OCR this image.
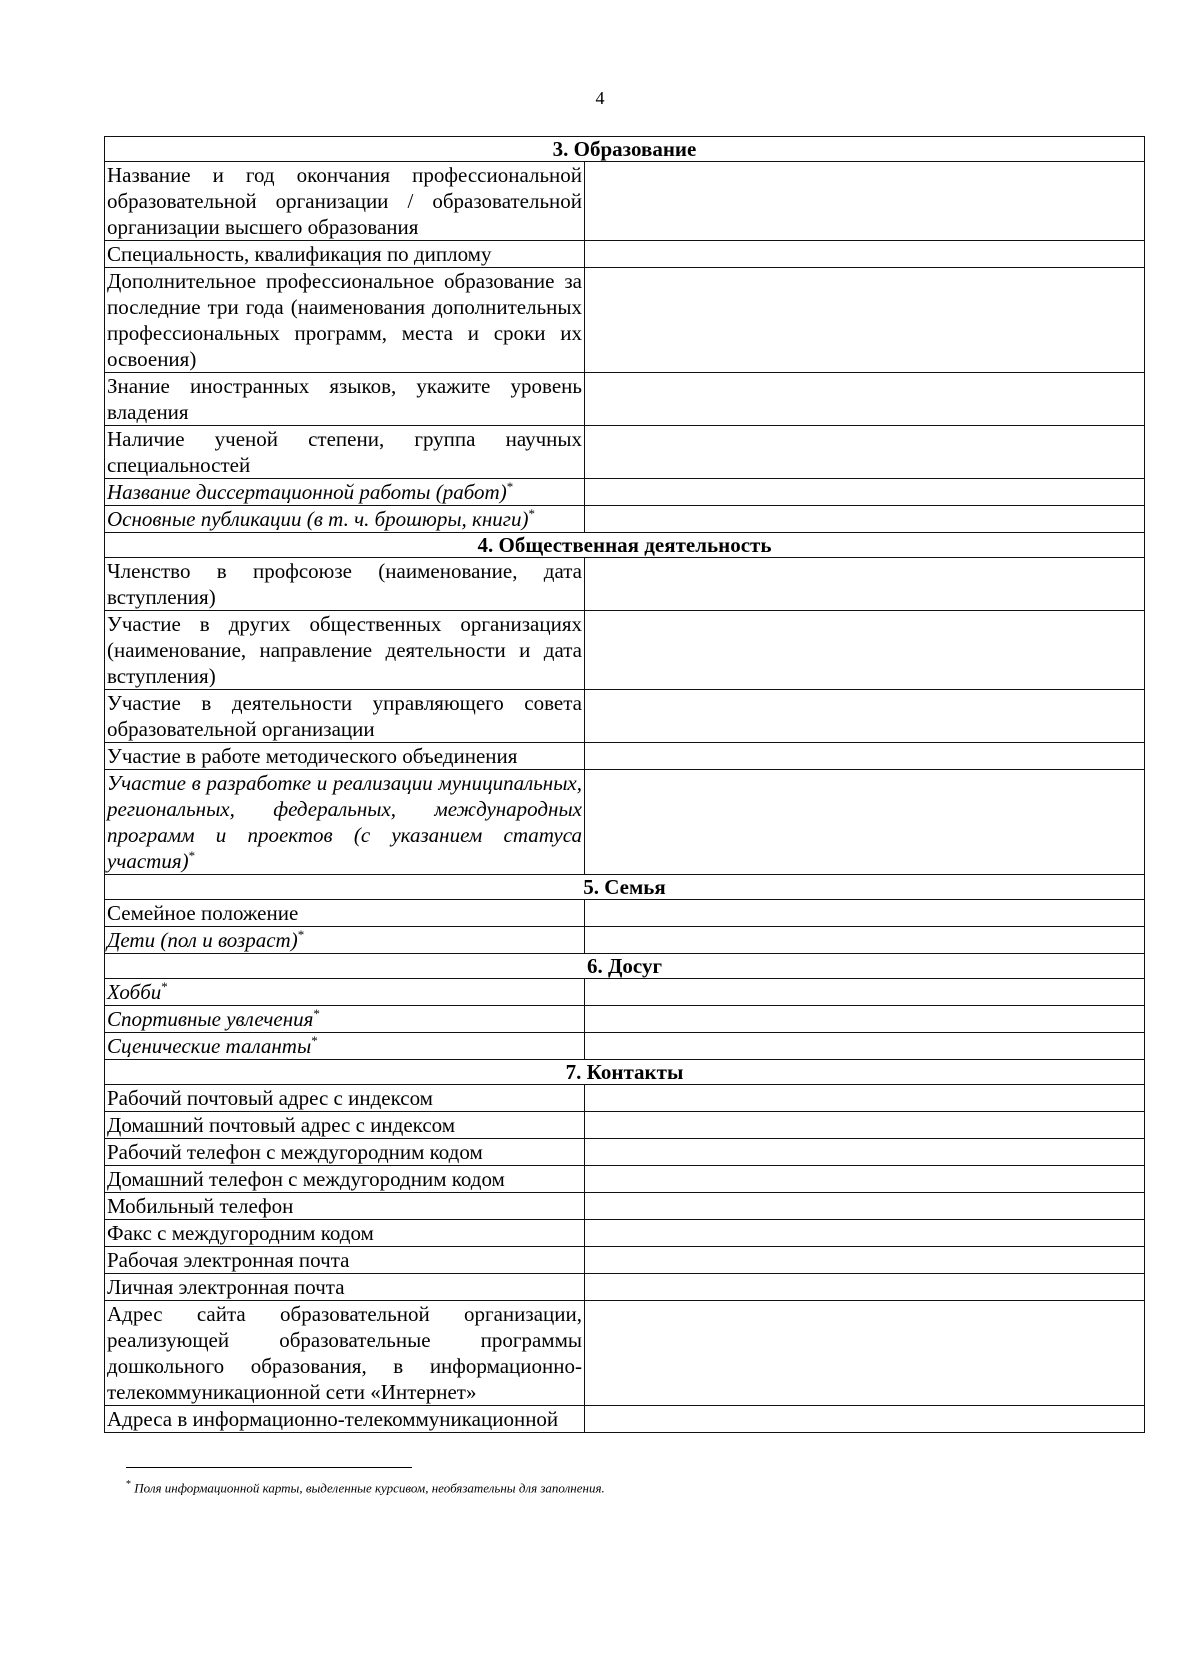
4
3. Образование	
Название и год окончания профессиональной образовательной организации / образовательной организации высшего образования	
Специальность, квалификация по диплому	
Дополнительное профессиональное образование за последние три года (наименования дополнительных профессиональных программ, места и сроки их освоения)	
Знание иностранных языков, укажите уровень владения	
Наличие ученой степени, группа научных специальностей	
Название диссертационной работы (работ)*	
Основные публикации (в т. ч. брошюры, книги)*	
4. Общественная деятельность	
Членство в профсоюзе (наименование, дата вступления)	
Участие в других общественных организациях (наименование, направление деятельности и дата вступления)	
Участие в деятельности управляющего совета образовательной организации	
Участие в работе методического объединения	
Участие в разработке и реализации муниципальных, региональных, федеральных, международных программ и проектов (с указанием статуса участия)*	
5. Семья	
Семейное положение	
Дети (пол и возраст)*	
6. Досуг	
Хобби*	
Спортивные увлечения*	
Сценические таланты*	
7. Контакты	
Рабочий почтовый адрес с индексом	
Домашний почтовый адрес с индексом	
Рабочий телефон с междугородним кодом	
Домашний телефон с междугородним кодом	
Мобильный телефон	
Факс с междугородним кодом	
Рабочая электронная почта	
Личная электронная почта	
Адрес сайта образовательной организации, реализующей образовательные программы дошкольного образования, в информационно-телекоммуникационной сети «Интернет»	
Адреса в информационно-телекоммуникационной	
* Поля информационной карты, выделенные курсивом, необязательны для заполнения.
